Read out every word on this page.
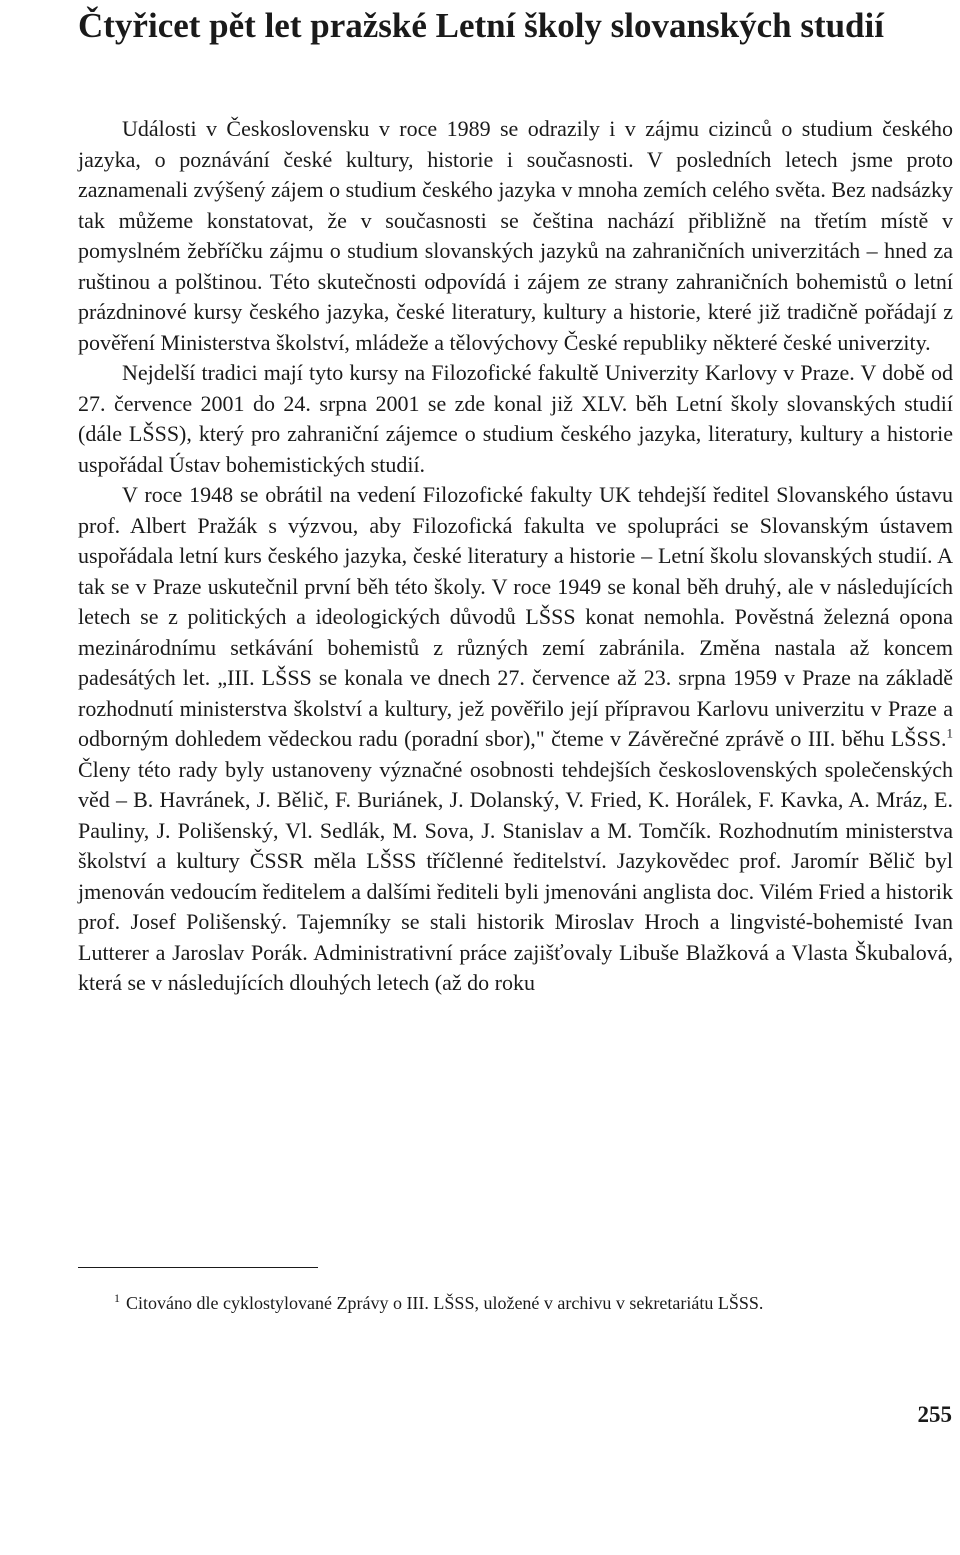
Čtyřicet pět let pražské Letní školy slovanských studií

Události v Československu v roce 1989 se odrazily i v zájmu cizinců o studium českého jazyka, o poznávání české kultury, historie i současnosti. V posledních letech jsme proto zaznamenali zvýšený zájem o studium českého jazyka v mnoha zemích celého světa. Bez nadsázky tak můžeme konstatovat, že v současnosti se čeština nachází přibližně na třetím místě v pomyslném žebříčku zájmu o studium slovanských jazyků na zahraničních univerzitách – hned za ruštinou a polštinou. Této skutečnosti odpovídá i zájem ze strany zahraničních bohemistů o letní prázdninové kursy českého jazyka, české literatury, kultury a historie, které již tradičně pořádají z pověření Ministerstva školství, mládeže a tělovýchovy České republiky některé české univerzity.

Nejdelší tradici mají tyto kursy na Filozofické fakultě Univerzity Karlovy v Praze. V době od 27. července 2001 do 24. srpna 2001 se zde konal již XLV. běh Letní školy slovanských studií (dále LŠSS), který pro zahraniční zájemce o studium českého jazyka, literatury, kultury a historie uspořádal Ústav bohemistických studií.

V roce 1948 se obrátil na vedení Filozofické fakulty UK tehdejší ředitel Slovanského ústavu prof. Albert Pražák s výzvou, aby Filozofická fakulta ve spolupráci se Slovanským ústavem uspořádala letní kurs českého jazyka, české literatury a historie – Letní školu slovanských studií. A tak se v Praze uskutečnil první běh této školy. V roce 1949 se konal běh druhý, ale v následujících letech se z politických a ideologických důvodů LŠSS konat nemohla. Pověstná železná opona mezinárodnímu setkávání bohemistů z různých zemí zabránila. Změna nastala až koncem padesátých let. „III. LŠSS se konala ve dnech 27. července až 23. srpna 1959 v Praze na základě rozhodnutí ministerstva školství a kultury, jež pověřilo její přípravou Karlovu univerzitu v Praze a odborným dohledem vědeckou radu (poradní sbor)," čteme v Závěrečné zprávě o III. běhu LŠSS.$^1$ Členy této rady byly ustanoveny význačné osobnosti tehdejších československých společenských věd – B. Havránek, J. Bělič, F. Buriánek, J. Dolanský, V. Fried, K. Horálek, F. Kavka, A. Mráz, E. Pauliny, J. Polišenský, Vl. Sedlák, M. Sova, J. Stanislav a M. Tomčík. Rozhodnutím ministerstva školství a kultury ČSSR měla LŠSS tříčlenné ředitelství. Jazykovědec prof. Jaromír Bělič byl jmenován vedoucím ředitelem a dalšími řediteli byli jmenováni anglista doc. Vilém Fried a historik prof. Josef Polišenský. Tajemníky se stali historik Miroslav Hroch a lingvisté-bohemisté Ivan Lutterer a Jaroslav Porák. Administrativní práce zajišťovaly Libuše Blažková a Vlasta Škubalová, která se v následujících dlouhých letech (až do roku

$^1$ Citováno dle cyklostylované Zprávy o III. LŠSS, uložené v archivu v sekretariátu LŠSS.

255
